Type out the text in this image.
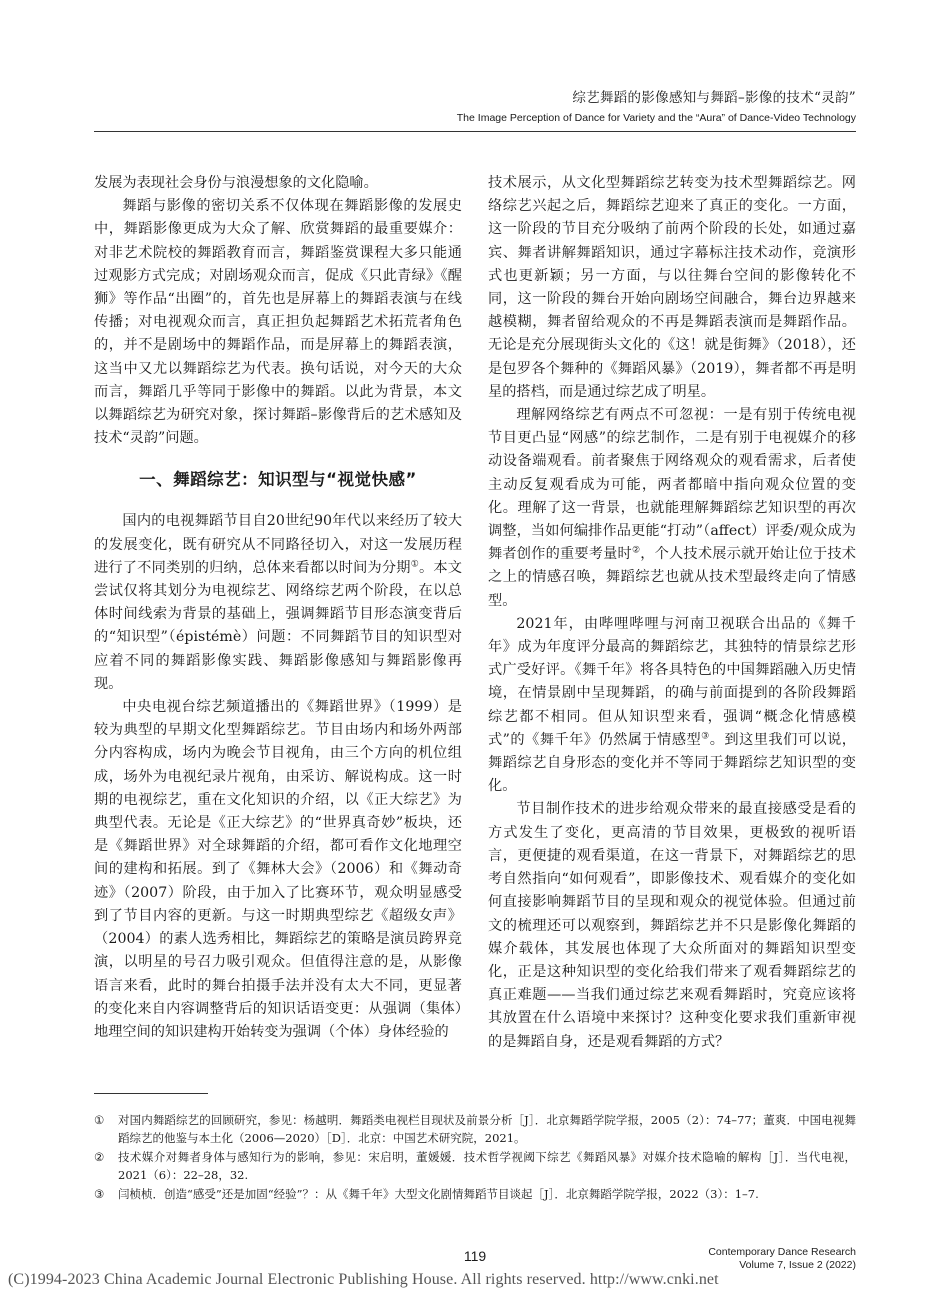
综艺舞蹈的影像感知与舞蹈–影像的技术“灵韵”
The Image Perception of Dance for Variety and the “Aura” of Dance-Video Technology

发展为表现社会身份与浪漫想象的文化隐喻。

舞蹈与影像的密切关系不仅体现在舞蹈影像的发展史中，舞蹈影像更成为大众了解、欣赏舞蹈的最重要媒介：对非艺术院校的舞蹈教育而言，舞蹈鉴赏课程大多只能通过观影方式完成；对剧场观众而言，促成《只此青绿》《醒狮》等作品“出圈”的，首先也是屏幕上的舞蹈表演与在线传播；对电视观众而言，真正担负起舞蹈艺术拓荒者角色的，并不是剧场中的舞蹈作品，而是屏幕上的舞蹈表演，这当中又尤以舞蹈综艺为代表。换句话说，对今天的大众而言，舞蹈几乎等同于影像中的舞蹈。以此为背景，本文以舞蹈综艺为研究对象，探讨舞蹈–影像背后的艺术感知及技术“灵韵”问题。

一、舞蹈综艺：知识型与“视觉快感”

国内的电视舞蹈节目自20世纪90年代以来经历了较大的发展变化，既有研究从不同路径切入，对这一发展历程进行了不同类别的归纳，总体来看都以时间为分期①。本文尝试仅将其划分为电视综艺、网络综艺两个阶段，在以总体时间线索为背景的基础上，强调舞蹈节目形态演变背后的“知识型”（épistémè）问题：不同舞蹈节目的知识型对应着不同的舞蹈影像实践、舞蹈影像感知与舞蹈影像再现。

中央电视台综艺频道播出的《舞蹈世界》（1999）是较为典型的早期文化型舞蹈综艺。节目由场内和场外两部分内容构成，场内为晚会节目视角，由三个方向的机位组成，场外为电视纪录片视角，由采访、解说构成。这一时期的电视综艺，重在文化知识的介绍，以《正大综艺》为典型代表。无论是《正大综艺》的“世界真奇妙”板块，还是《舞蹈世界》对全球舞蹈的介绍，都可看作文化地理空间的建构和拓展。到了《舞林大会》（2006）和《舞动奇迹》（2007）阶段，由于加入了比赛环节，观众明显感受到了节目内容的更新。与这一时期典型综艺《超级女声》（2004）的素人选秀相比，舞蹈综艺的策略是演员跨界竞演，以明星的号召力吸引观众。但值得注意的是，从影像语言来看，此时的舞台拍摄手法并没有太大不同，更显著的变化来自内容调整背后的知识话语变更：从强调（集体）地理空间的知识建构开始转变为强调（个体）身体经验的

技术展示，从文化型舞蹈综艺转变为技术型舞蹈综艺。网络综艺兴起之后，舞蹈综艺迎来了真正的变化。一方面，这一阶段的节目充分吸纳了前两个阶段的长处，如通过嘉宾、舞者讲解舞蹈知识，通过字幕标注技术动作，竞演形式也更新颖；另一方面，与以往舞台空间的影像转化不同，这一阶段的舞台开始向剧场空间融合，舞台边界越来越模糊，舞者留给观众的不再是舞蹈表演而是舞蹈作品。无论是充分展现街头文化的《这！就是街舞》（2018），还是包罗各个舞种的《舞蹈风暴》（2019），舞者都不再是明星的搭档，而是通过综艺成了明星。

理解网络综艺有两点不可忽视：一是有别于传统电视节目更凸显“网感”的综艺制作，二是有别于电视媒介的移动设备端观看。前者聚焦于网络观众的观看需求，后者使主动反复观看成为可能，两者都暗中指向观众位置的变化。理解了这一背景，也就能理解舞蹈综艺知识型的再次调整，当如何编排作品更能“打动”（affect）评委/观众成为舞者创作的重要考量时②，个人技术展示就开始让位于技术之上的情感召唤，舞蹈综艺也就从技术型最终走向了情感型。

2021年，由哔哩哔哩与河南卫视联合出品的《舞千年》成为年度评分最高的舞蹈综艺，其独特的情景综艺形式广受好评。《舞千年》将各具特色的中国舞蹈融入历史情境，在情景剧中呈现舞蹈，的确与前面提到的各阶段舞蹈综艺都不相同。但从知识型来看，强调“概念化情感模式”的《舞千年》仍然属于情感型③。到这里我们可以说，舞蹈综艺自身形态的变化并不等同于舞蹈综艺知识型的变化。

节目制作技术的进步给观众带来的最直接感受是看的方式发生了变化，更高清的节目效果，更极致的视听语言，更便捷的观看渠道，在这一背景下，对舞蹈综艺的思考自然指向“如何观看”，即影像技术、观看媒介的变化如何直接影响舞蹈节目的呈现和观众的视觉体验。但通过前文的梳理还可以观察到，舞蹈综艺并不只是影像化舞蹈的媒介载体，其发展也体现了大众所面对的舞蹈知识型变化，正是这种知识型的变化给我们带来了观看舞蹈综艺的真正难题——当我们通过综艺来观看舞蹈时，究竟应该将其放置在什么语境中来探讨？这种变化要求我们重新审视的是舞蹈自身，还是观看舞蹈的方式？

①	对国内舞蹈综艺的回顾研究，参见：杨越明．舞蹈类电视栏目现状及前景分析［J］．北京舞蹈学院学报，2005（2）：74–77；董爽．中国电视舞蹈综艺的他鉴与本土化（2006—2020）［D］．北京：中国艺术研究院，2021。
②	技术媒介对舞者身体与感知行为的影响，参见：宋启明，董媛媛．技术哲学视阈下综艺《舞蹈风暴》对媒介技术隐喻的解构［J］．当代电视，2021（6）：22–28，32.
③	闫桢桢．创造“感受”还是加固“经验”？：从《舞千年》大型文化剧情舞蹈节目谈起［J］．北京舞蹈学院学报，2022（3）：1–7.
119	Contemporary Dance Research
Volume 7, Issue 2 (2022)
(C)1994-2023 China Academic Journal Electronic Publishing House. All rights reserved. http://www.cnki.net
